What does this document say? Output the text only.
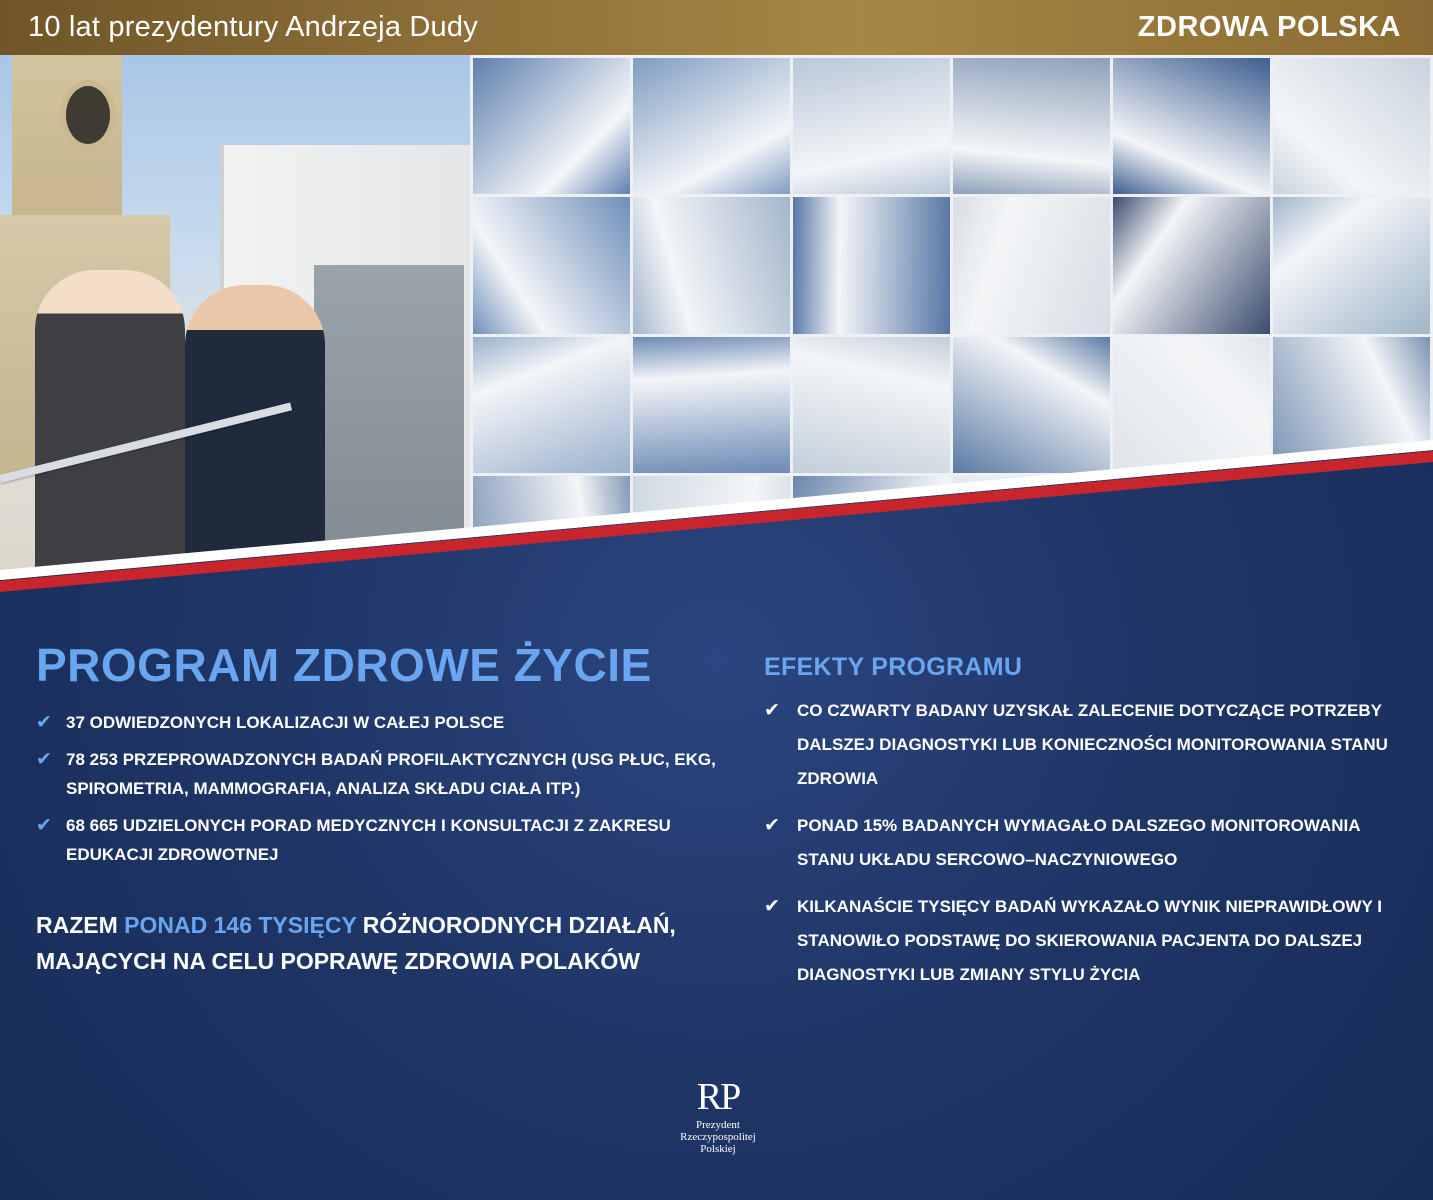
10 lat prezydentury Andrzeja Dudy	ZDROWA POLSKA
PROGRAM ZDROWE ŻYCIE
✔ 37 ODWIEDZONYCH LOKALIZACJI W CAŁEJ POLSCE
✔ 78 253 PRZEPROWADZONYCH BADAŃ PROFILAKTYCZNYCH (USG PŁUC, EKG, SPIROMETRIA, MAMMOGRAFIA, ANALIZA SKŁADU CIAŁA ITP.)
✔ 68 665 UDZIELONYCH PORAD MEDYCZNYCH I KONSULTACJI Z ZAKRESU EDUKACJI ZDROWOTNEJ

RAZEM PONAD 146 TYSIĘCY RÓŻNORODNYCH DZIAŁAŃ, MAJĄCYCH NA CELU POPRAWĘ ZDROWIA POLAKÓW

EFEKTY PROGRAMU
✔	CO CZWARTY BADANY UZYSKAŁ ZALECENIE DOTYCZĄCE POTRZEBY DALSZEJ DIAGNOSTYKI LUB KONIECZNOŚCI MONITOROWANIA STANU ZDROWIA
✔	PONAD 15% BADANYCH WYMAGAŁO DALSZEGO MONITOROWANIA STANU UKŁADU SERCOWO–NACZYNIOWEGO
✔	KILKANAŚCIE TYSIĘCY BADAŃ WYKAZAŁO WYNIK NIEPRAWIDŁOWY I STANOWIŁO PODSTAWĘ DO SKIEROWANIA PACJENTA DO DALSZEJ DIAGNOSTYKI LUB ZMIANY STYLU ŻYCIA
RP
Prezydent
Rzeczypospolitej
Polskiej
